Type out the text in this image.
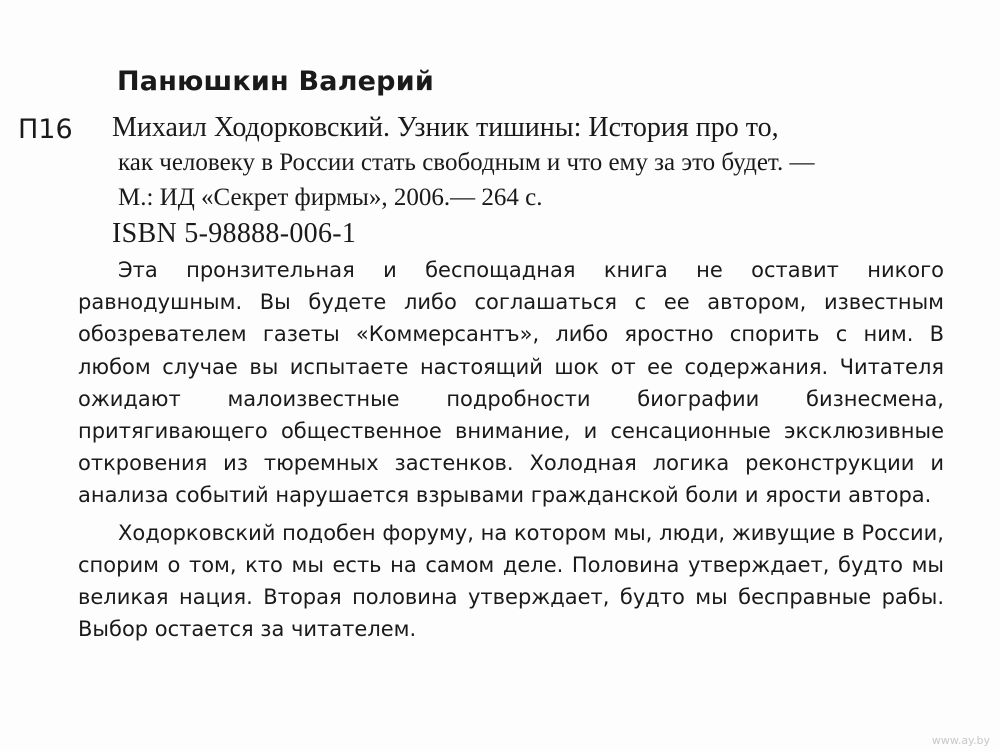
Панюшкин Валерий
П16 Михаил Ходорковский. Узник тишины: История про то,
как человеку в России стать свободным и что ему за это будет. —
М.: ИД «Секрет фирмы», 2006.— 264 с.
ISBN 5-98888-006-1

Эта пронзительная и беспощадная книга не оставит никого равнодушным. Вы будете либо соглашаться с ее автором, известным обозревателем газеты «Коммерсантъ», либо яростно спорить с ним. В любом случае вы испытаете настоящий шок от ее содержания. Читателя ожидают малоизвестные подробности биографии бизнесмена, притягивающего общественное внимание, и сенсационные эксклюзивные откровения из тюремных застенков. Холодная логика реконструкции и анализа событий нарушается взрывами гражданской боли и ярости автора.

Ходорковский подобен форуму, на котором мы, люди, живущие в России, спорим о том, кто мы есть на самом деле. Половина утверждает, будто мы великая нация. Вторая половина утверждает, будто мы бесправные рабы. Выбор остается за читателем.

www.ay.by
